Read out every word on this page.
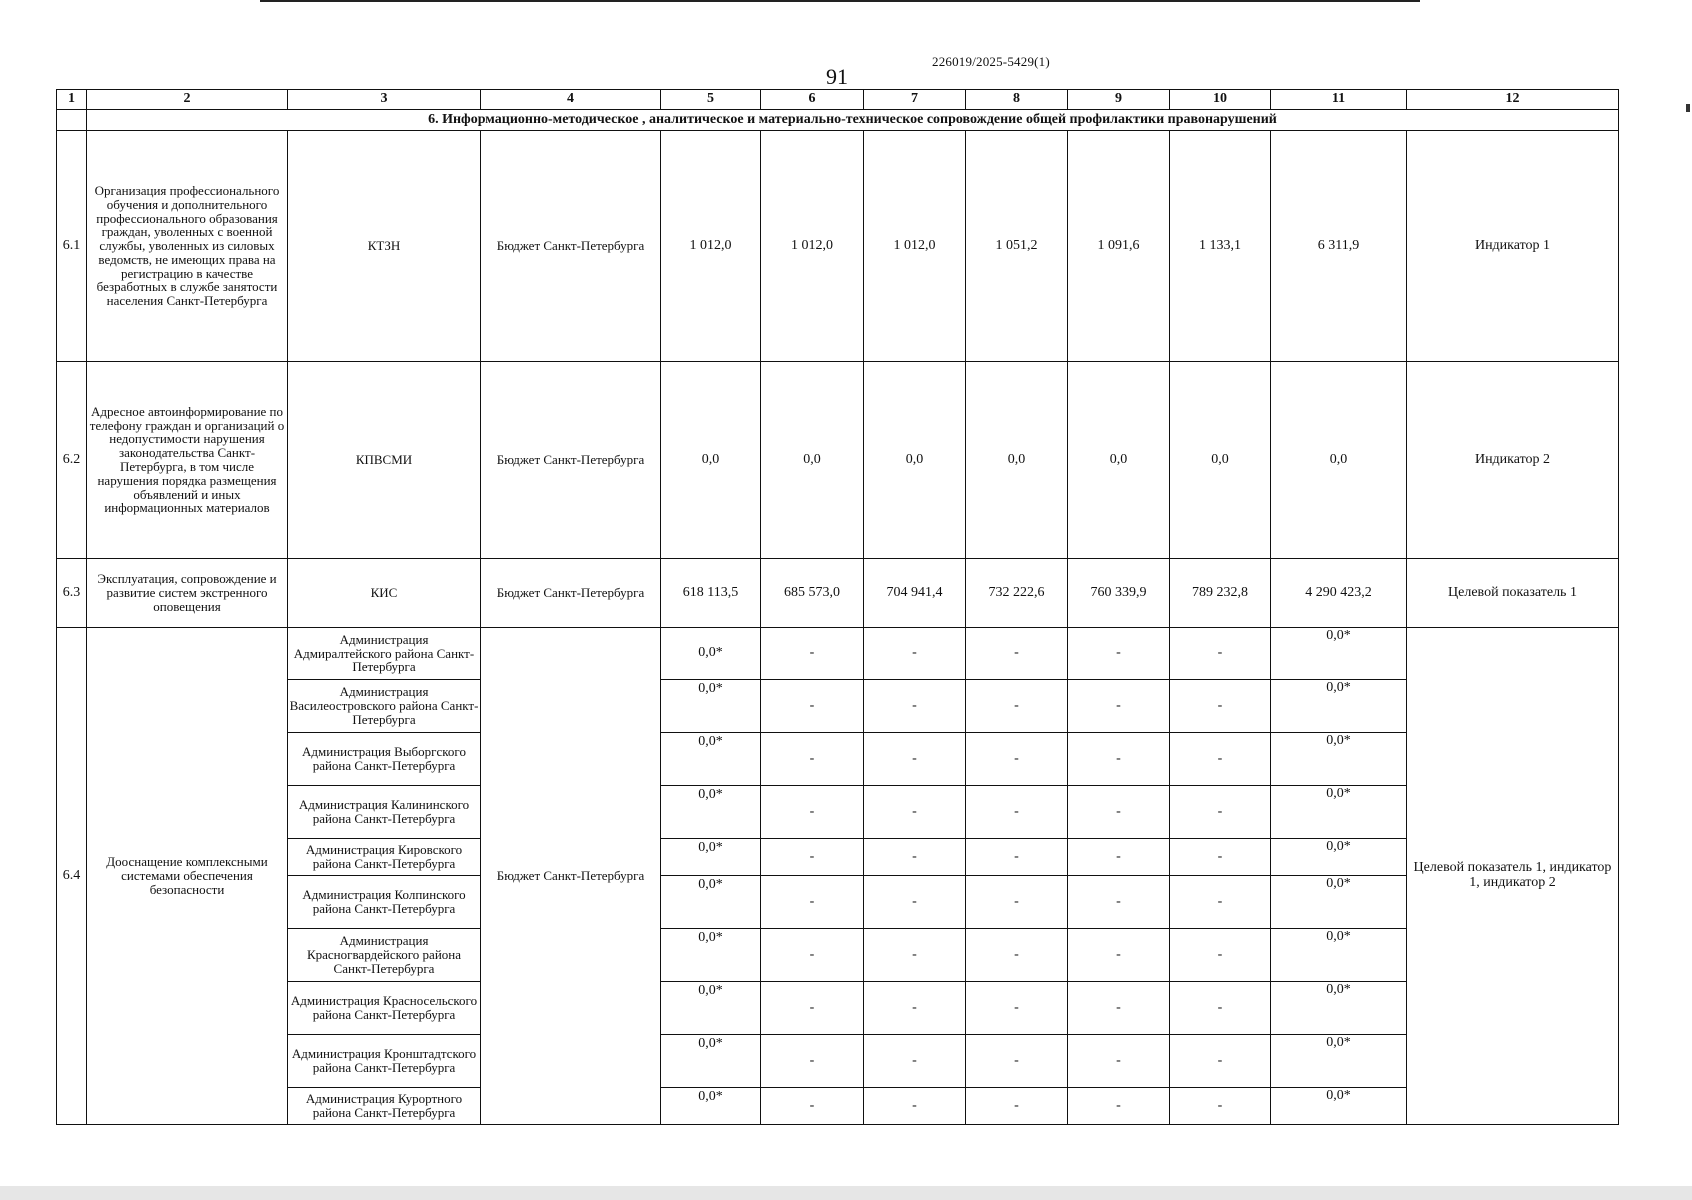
226019/2025-5429(1)
91
1	2	3	4	5	6	7	8	9	10	11	12
	6. Информационно-методическое , аналитическое и материально-техническое сопровождение общей профилактики правонарушений										
6.1	Организация профессионального обучения и дополнительного профессионального образования граждан, уволенных с военной службы, уволенных из силовых ведомств, не имеющих права на регистрацию в качестве безработных в службе занятости населения Санкт-Петербурга	КТЗН	Бюджет Санкт-Петербурга	1 012,0	1 012,0	1 012,0	1 051,2	1 091,6	1 133,1	6 311,9	Индикатор 1
6.2	Адресное автоинформирование по телефону граждан и организаций о недопустимости нарушения законодательства Санкт-Петербурга, в том числе нарушения порядка размещения объявлений и иных информационных материалов	КПВСМИ	Бюджет Санкт-Петербурга	0,0	0,0	0,0	0,0	0,0	0,0	0,0	Индикатор 2
6.3	Эксплуатация, сопровождение и развитие систем экстренного оповещения	КИС	Бюджет Санкт-Петербурга	618 113,5	685 573,0	704 941,4	732 222,6	760 339,9	789 232,8	4 290 423,2	Целевой показатель 1
6.4	Дооснащение комплексными системами обеспечения безопасности	Администрация Адмиралтейского района Санкт-Петербурга	Бюджет Санкт-Петербурга	0,0*	-	-	-	-	-	0,0*	Целевой показатель 1, индикатор 1, индикатор 2
		Администрация Василеостровского района Санкт-Петербурга		0,0*	-	-	-	-	-	0,0*	
		Администрация Выборгского района Санкт-Петербурга		0,0*	-	-	-	-	-	0,0*	
		Администрация Калининского района Санкт-Петербурга		0,0*	-	-	-	-	-	0,0*	
		Администрация Кировского района Санкт-Петербурга		0,0*	-	-	-	-	-	0,0*	
		Администрация Колпинского района Санкт-Петербурга		0,0*	-	-	-	-	-	0,0*	
		Администрация Красногвардейского района Санкт-Петербурга		0,0*	-	-	-	-	-	0,0*	
		Администрация Красносельского района Санкт-Петербурга		0,0*	-	-	-	-	-	0,0*	
		Администрация Кронштадтского района Санкт-Петербурга		0,0*	-	-	-	-	-	0,0*	
		Администрация Курортного района Санкт-Петербурга		0,0*	-	-	-	-	-	0,0*	
